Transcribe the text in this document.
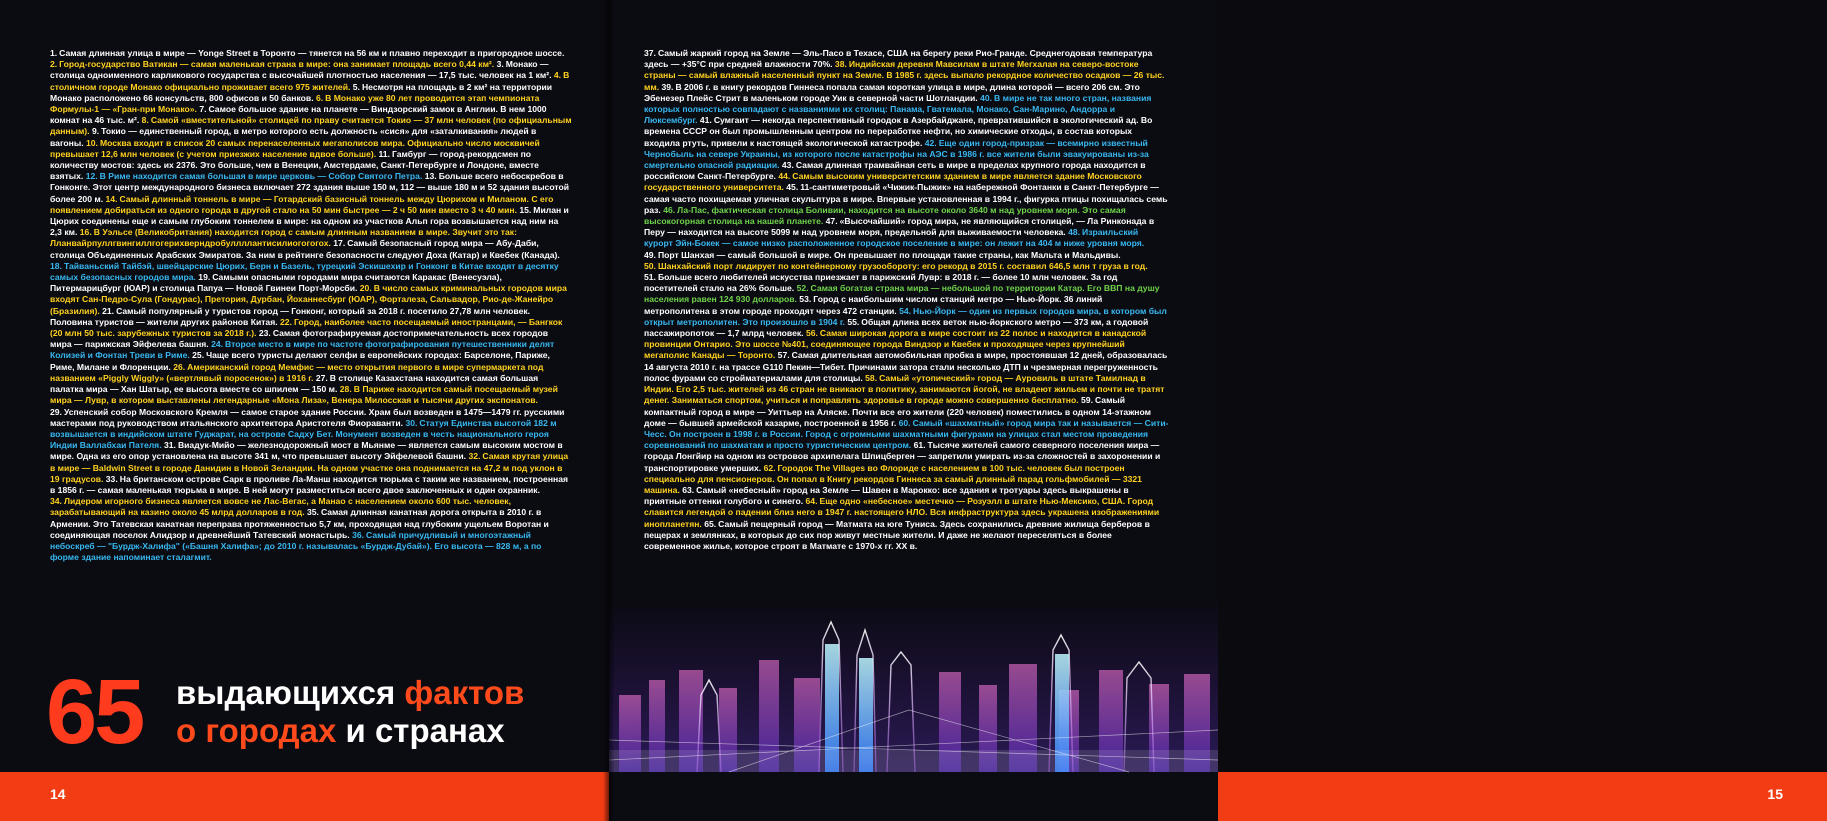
1. Самая длинная улица в мире — Yonge Street в Торонто — тянется на 56 км и плавно переходит в пригородное шоссе. 2. Город-государство Ватикан — самая маленькая страна в мире: она занимает площадь всего 0,44 км². 3. Монако — столица одноименного карликового государства с высочайшей плотностью населения — 17,5 тыс. человек на 1 км². 4. В столичном городе Монако официально проживает всего 975 жителей. 5. Несмотря на площадь в 2 км² на территории Монако расположено 66 консульств, 800 офисов и 50 банков. 6. В Монако уже 80 лет проводится этап чемпионата Формулы-1 — «Гран-при Монако». 7. Самое большое здание на планете — Виндзорский замок в Англии. В нем 1000 комнат на 46 тыс. м². 8. Самой «вместительной» столицей по праву считается Токио — 37 млн человек (по официальным данным). 9. Токио — единственный город, в метро которого есть должность «сися» для «заталкивания» людей в вагоны. 10. Москва входит в список 20 самых перенаселенных мегаполисов мира. Официально число москвичей превышает 12,6 млн человек (с учетом приезжих население вдвое больше). 11. Гамбург — город-рекордсмен по количеству мостов: здесь их 2376. Это больше, чем в Венеции, Амстердаме, Санкт-Петербурге и Лондоне, вместе взятых. 12. В Риме находится самая большая в мире церковь — Собор Святого Петра. 13. Больше всего небоскребов в Гонконге. Этот центр международного бизнеса включает 272 здания выше 150 м, 112 — выше 180 м и 52 здания высотой более 200 м. 14. Самый длинный тоннель в мире — Готардский базисный тоннель между Цюрихом и Миланом. С его появлением добираться из одного города в другой стало на 50 мин быстрее — 2 ч 50 мин вместо 3 ч 40 мин. 15. Милан и Цюрих соединены еще и самым глубоким тоннелем в мире: на одном из участков Альп гора возвышается над ним на 2,3 км. 16. В Уэльсе (Великобритания) находится город с самым длинным названием в мире. Звучит это так: Лланвайрпуллгвингиллгогерихверндробуллллантисилиогогогох. 17. Самый безопасный город мира — Абу-Даби, столица Объединенных Арабских Эмиратов. За ним в рейтинге безопасности следуют Доха (Катар) и Квебек (Канада). 18. Тайваньский Тайбэй, швейцарские Цюрих, Берн и Базель, турецкий Эскишехир и Гонконг в Китае входят в десятку самых безопасных городов мира. 19. Самыми опасными городами мира считаются Каракас (Венесуэла), Питермарицбург (ЮАР) и столица Папуа — Новой Гвинеи Порт-Морсби. 20. В число самых криминальных городов мира входят Сан-Педро-Сула (Гондурас), Претория, Дурбан, Йоханнесбург (ЮАР), Форталеза, Сальвадор, Рио-де-Жанейро (Бразилия). 21. Самый популярный у туристов город — Гонконг, который за 2018 г. посетило 27,78 млн человек. Половина туристов — жители других районов Китая. 22. Город, наиболее часто посещаемый иностранцами, — Бангкок (20 млн 50 тыс. зарубежных туристов за 2018 г.). 23. Самая фотографируемая достопримечательность всех городов мира — парижская Эйфелева башня. 24. Второе место в мире по частоте фотографирования путешественники делят Колизей и Фонтан Треви в Риме. 25. Чаще всего туристы делают селфи в европейских городах: Барселоне, Париже, Риме, Милане и Флоренции. 26. Американский город Мемфис — место открытия первого в мире супермаркета под названием «Piggly Wiggly» («вертлявый поросенок») в 1916 г. 27. В столице Казахстана находится самая большая палатка мира — Хан Шатыр, ее высота вместе со шпилем — 150 м. 28. В Париже находится самый посещаемый музей мира — Лувр, в котором выставлены легендарные «Мона Лиза», Венера Милосская и тысячи других экспонатов. 29. Успенский собор Московского Кремля — самое старое здание России. Храм был возведен в 1475—1479 гг. русскими мастерами под руководством итальянского архитектора Аристотеля Фиораванти. 30. Статуя Единства высотой 182 м возвышается в индийском штате Гуджарат, на острове Садху Бет. Монумент возведен в честь национального героя Индии Валлабхаи Пателя. 31. Виадук-Мийо — железнодорожный мост в Мьянме — является самым высоким мостом в мире. Одна из его опор установлена на высоте 341 м, что превышает высоту Эйфелевой башни. 32. Самая крутая улица в мире — Baldwin Street в городе Данидин в Новой Зеландии. На одном участке она поднимается на 47,2 м под уклон в 19 градусов. 33. На британском острове Сарк в проливе Ла-Манш находится тюрьма с таким же названием, построенная в 1856 г. — самая маленькая тюрьма в мире. В ней могут разместиться всего двое заключенных и один охранник. 34. Лидером игорного бизнеса является вовсе не Лас-Вегас, а Манао с населением около 600 тыс. человек, зарабатывающий на казино около 45 млрд долларов в год. 35. Самая длинная канатная дорога открыта в 2010 г. в Армении. Это Татевская канатная переправа протяженностью 5,7 км, проходящая над глубоким ущельем Воротан и соединяющая поселок Алидзор и древнейший Татевский монастырь. 36. Самый причудливый и многоэтажный небоскреб — "Бурдж-Халифа" («Башня Халифа»; до 2010 г. называлась «Бурдж-Дубай»). Его высота — 828 м, а по форме здание напоминает сталагмит.
65 выдающихся фактов
о городах и странах
14
37. Самый жаркий город на Земле — Эль-Пасо в Техасе, США на берегу реки Рио-Гранде. Среднегодовая температура здесь — +35°С при средней влажности 70%. 38. Индийская деревня Мавсилам в штате Мегхалая на северо-востоке страны — самый влажный населенный пункт на Земле. В 1985 г. здесь выпало рекордное количество осадков — 26 тыс. мм. 39. В 2006 г. в книгу рекордов Гиннеса попала самая короткая улица в мире, длина которой — всего 206 см. Это Эбенезер Плейс Стрит в маленьком городе Уик в северной части Шотландии. 40. В мире не так много стран, названия которых полностью совпадают с названиями их столиц: Панама, Гватемала, Монако, Сан-Марино, Андорра и Люксембург. 41. Сумгаит — некогда перспективный городок в Азербайджане, превратившийся в экологический ад. Во времена СССР он был промышленным центром по переработке нефти, но химические отходы, в состав которых входила ртуть, привели к настоящей экологической катастрофе. 42. Еще один город-призрак — всемирно известный Чернобыль на севере Украины, из которого после катастрофы на АЭС в 1986 г. все жители были эвакуированы из-за смертельно опасной радиации. 43. Самая длинная трамвайная сеть в мире в пределах крупного города находится в российском Санкт-Петербурге. 44. Самым высоким университетским зданием в мире является здание Московского государственного университета. 45. 11-сантиметровый «Чижик-Пыжик» на набережной Фонтанки в Санкт-Петербурге — самая часто похищаемая уличная скульптура в мире. Впервые установленная в 1994 г., фигурка птицы похищалась семь раз. 46. Ла-Пас, фактическая столица Боливии, находится на высоте около 3640 м над уровнем моря. Это самая высокогорная столица на нашей планете. 47. «Высочайший» город мира, не являющийся столицей, — Ла Ринконада в Перу — находится на высоте 5099 м над уровнем моря, предельной для выживаемости человека. 48. Израильский курорт Эйн-Бокек — самое низко расположенное городское поселение в мире: он лежит на 404 м ниже уровня моря. 49. Порт Шанхая — самый большой в мире. Он превышает по площади такие страны, как Мальта и Мальдивы. 50. Шанхайский порт лидирует по контейнерному грузообороту: его рекорд в 2015 г. составил 646,5 млн т груза в год. 51. Больше всего любителей искусства приезжает в парижский Лувр: в 2018 г. — более 10 млн человек. За год посетителей стало на 26% больше. 52. Самая богатая страна мира — небольшой по территории Катар. Его ВВП на душу населения равен 124 930 долларов. 53. Город с наибольшим числом станций метро — Нью-Йорк. 36 линий метрополитена в этом городе проходят через 472 станции. 54. Нью-Йорк — один из первых городов мира, в котором был открыт метрополитен. Это произошло в 1904 г. 55. Общая длина всех веток нью-йоркского метро — 373 км, а годовой пассажиропоток — 1,7 млрд человек. 56. Самая широкая дорога в мире состоит из 22 полос и находится в канадской провинции Онтарио. Это шоссе №401, соединяющее города Виндзор и Квебек и проходящее через крупнейший мегаполис Канады — Торонто. 57. Самая длительная автомобильная пробка в мире, простоявшая 12 дней, образовалась 14 августа 2010 г. на трассе G110 Пекин—Тибет. Причинами затора стали несколько ДТП и чрезмерная перегруженность полос фурами со стройматериалами для столицы. 58. Самый «утопический» город — Ауровиль в штате Тамилнад в Индии. Его 2,5 тыс. жителей из 46 стран не вникают в политику, занимаются йогой, не владеют жильем и почти не тратят денег. Заниматься спортом, учиться и поправлять здоровье в городе можно совершенно бесплатно. 59. Самый компактный город в мире — Уиттьер на Аляске. Почти все его жители (220 человек) поместились в одном 14-этажном доме — бывшей армейской казарме, построенной в 1956 г. 60. Самый «шахматный» город мира так и называется — Сити-Чесс. Он построен в 1998 г. в России. Город с огромными шахматными фигурами на улицах стал местом проведения соревнований по шахматам и просто туристическим центром. 61. Тысяче жителей самого северного поселения мира — города Лонгйир на одном из островов архипелага Шпицберген — запретили умирать из-за сложностей в захоронении и транспортировке умерших. 62. Городок The Villages во Флориде с населением в 100 тыс. человек был построен специально для пенсионеров. Он попал в Книгу рекордов Гиннеса за самый длинный парад гольфмобилей — 3321 машина. 63. Самый «небесный» город на Земле — Шавен в Марокко: все здания и тротуары здесь выкрашены в приятные оттенки голубого и синего. 64. Еще одно «небесное» местечко — Розуэлл в штате Нью-Мексико, США. Город славится легендой о падении близ него в 1947 г. настоящего НЛО. Вся инфраструктура здесь украшена изображениями инопланетян. 65. Самый пещерный город — Матмата на юге Туниса. Здесь сохранились древние жилища берберов в пещерах и землянках, в которых до сих пор живут местные жители. И даже не желают переселяться в более современное жилье, которое строят в Матмате с 1970-х гг. XX в.
15
